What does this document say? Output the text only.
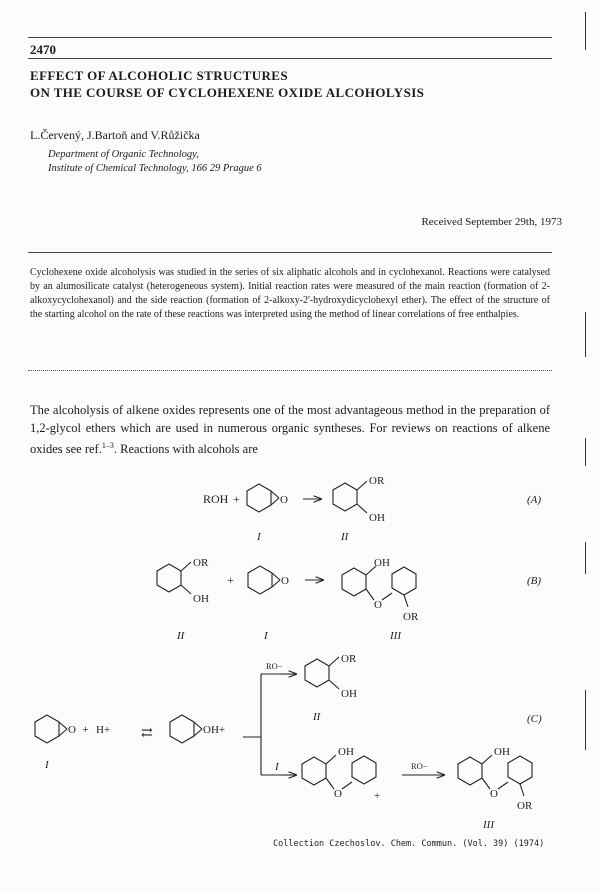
2470
EFFECT OF ALCOHOLIC STRUCTURES
ON THE COURSE OF CYCLOHEXENE OXIDE ALCOHOLYSIS
L.Červený, J.Bartoň and V.Růžička
Department of Organic Technology,
Institute of Chemical Technology, 166 29 Prague 6
Received September 29th, 1973
Cyclohexene oxide alcoholysis was studied in the series of six aliphatic alcohols and in cyclohexanol. Reactions were catalysed by an alumosilicate catalyst (heterogeneous system). Initial reaction rates were measured of the main reaction (formation of 2-alkoxycyclohexanol) and the side reaction (formation of 2-alkoxy-2'-hydroxydicyclohexyl ether). The effect of the structure of the starting alcohol on the rate of these reactions was interpreted using the method of linear correlations of free enthalpies.
The alcoholysis of alkene oxides represents one of the most advantageous method in the preparation of 1,2-glycol ethers which are used in numerous organic syntheses. For reviews on reactions of alkene oxides see ref.$^{1-3}$. Reactions with alcohols are
ROH +	O
OR
OH
I	II
(A)
OR
OH
+	O
OH
O
OR
II	I	III
(B)
RO−
OR
OH
II	(C)
O + H+ ⇄	OH+
I	I
OH
O	+
RO−
OH
O
OR
III
Collection Czechoslov. Chem. Commun. (Vol. 39) (1974)
